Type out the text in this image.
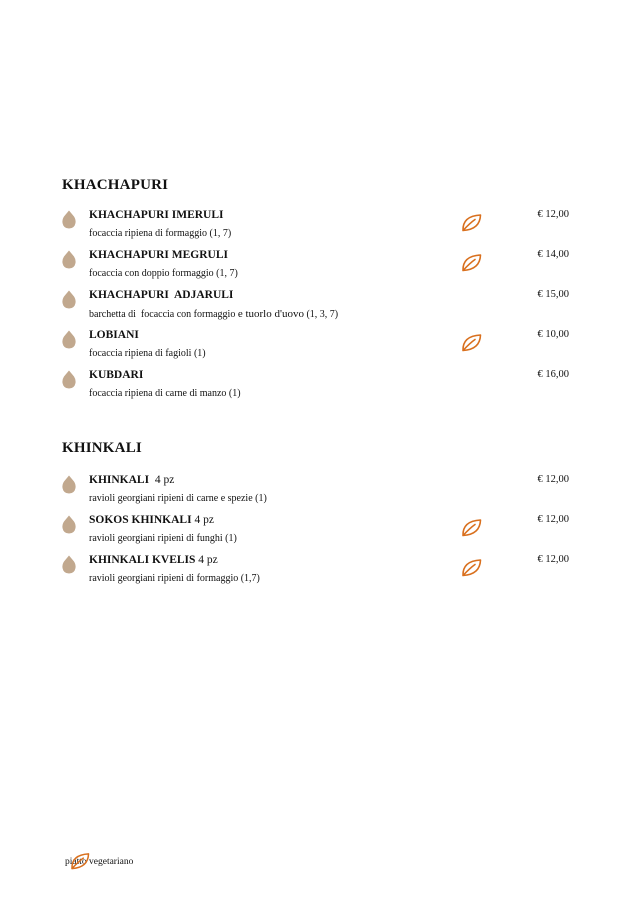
KHACHAPURI
KHACHAPURI IMERULI
focaccia ripiena di formaggio (1, 7)
€ 12,00
KHACHAPURI MEGRULI
focaccia con doppio formaggio (1, 7)
€ 14,00
KHACHAPURI  ADJARULI
barchetta di  focaccia con formaggio e tuorlo d'uovo (1, 3, 7)
€ 15,00
LOBIANI
focaccia ripiena di fagioli (1)
€ 10,00
KUBDARI
focaccia ripiena di carne di manzo (1)
€ 16,00
KHINKALI
KHINKALI  4 pz
ravioli georgiani ripieni di carne e spezie (1)
€ 12,00
SOKOS KHINKALI 4 pz
ravioli georgiani ripieni di funghi (1)
€ 12,00
KHINKALI KVELIS 4 pz
ravioli georgiani ripieni di formaggio (1,7)
€ 12,00
piatto vegetariano
